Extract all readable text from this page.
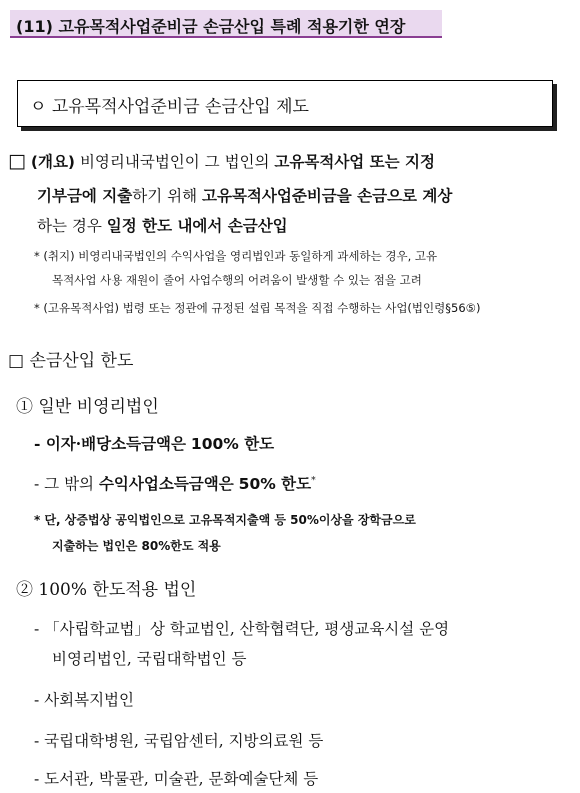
(11) 고유목적사업준비금 손금산입 특례 적용기한 연장
ㅇ 고유목적사업준비금 손금산입 제도
□ (개요) 비영리내국법인이 그 법인의 고유목적사업 또는 지정
기부금에 지출하기 위해 고유목적사업준비금을 손금으로 계상
하는 경우 일정 한도 내에서 손금산입
* (취지) 비영리내국법인의 수익사업을 영리법인과 동일하게 과세하는 경우, 고유
목적사업 사용 재원이 줄어 사업수행의 어려움이 발생할 수 있는 점을 고려
* (고유목적사업) 법령 또는 정관에 규정된 설립 목적을 직접 수행하는 사업(법인령§56⑤)
□ 손금산입 한도
① 일반 비영리법인
- 이자·배당소득금액은 100% 한도
- 그 밖의 수익사업소득금액은 50% 한도*
* 단, 상증법상 공익법인으로 고유목적지출액 등 50%이상을 장학금으로
지출하는 법인은 80%한도 적용
② 100% 한도적용 법인
- 「사립학교법」상 학교법인, 산학협력단, 평생교육시설 운영
비영리법인, 국립대학법인 등
- 사회복지법인
- 국립대학병원, 국립암센터, 지방의료원 등
- 도서관, 박물관, 미술관, 문화예술단체 등
